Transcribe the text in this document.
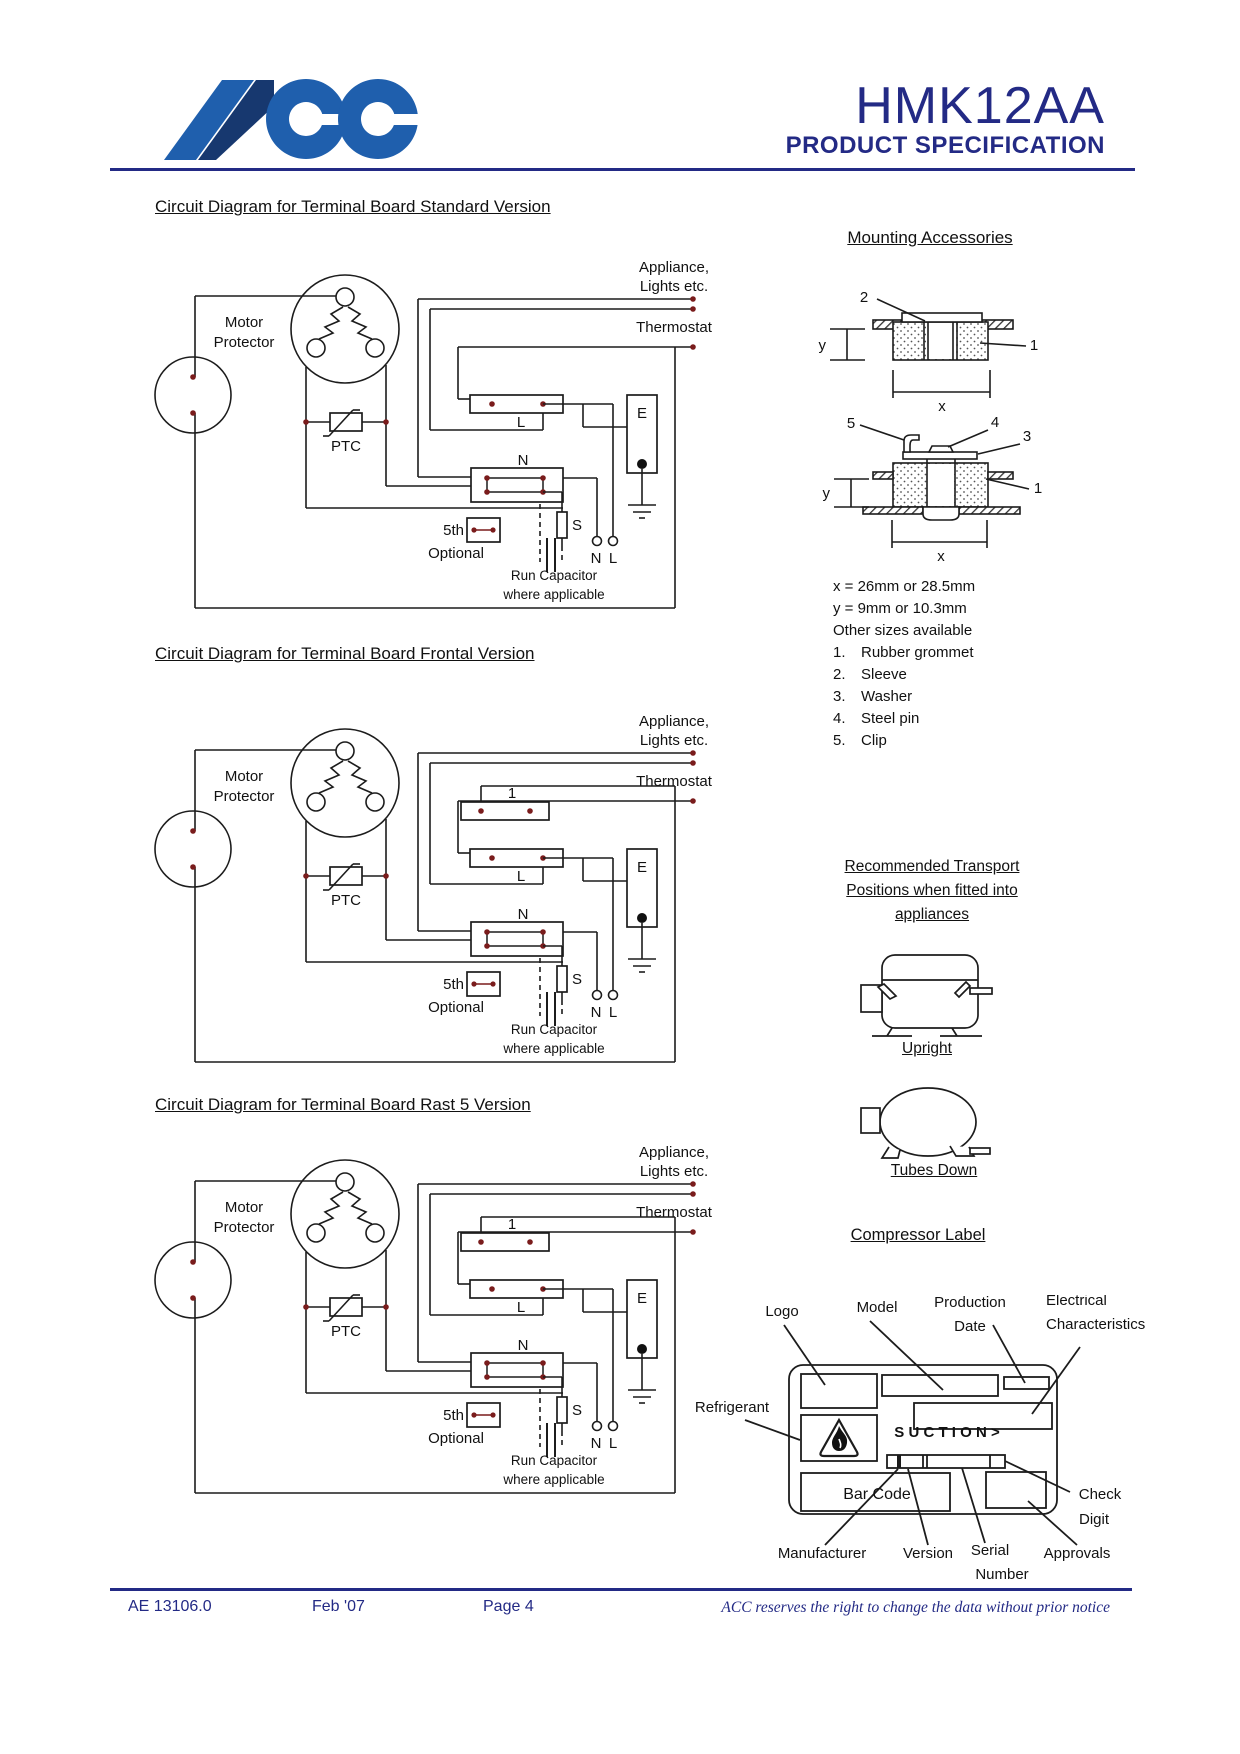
HMK12AA
PRODUCT SPECIFICATION
Circuit Diagram for Terminal Board Standard Version
Circuit Diagram for Terminal Board Frontal Version
Circuit Diagram for Terminal Board Rast 5 Version
Motor
Protector
PTC
Appliance,
Lights etc.
Thermostat
L
N
S
Run Capacitor
where applicable
5th
Optional	N L
E
Motor
Protector
PTC
Appliance,
Lights etc.
Thermostat
1
L
N
S
Run Capacitor
where applicable
5th
Optional	N L
E
Motor
Protector
PTC
Appliance,
Lights etc.
Thermostat
1
L
N
S
Run Capacitor
where applicable
5th
Optional	N L
E
Mounting Accessories
y
x
2
1
y
x
5	4
3
1
x = 26mm or 28.5mm
y = 9mm or 10.3mm
Other sizes available
1.	Rubber grommet
2.	Sleeve
3.	Washer
4.	Steel pin
5.	Clip
Recommended Transport
Positions when fitted into
appliances
Upright
Tubes Down
Compressor Label
S U C T I O N >
Bar Code
Logo	Model Production
Date
Electrical
Characteristics
Refrigerant
Check
Digit
Manufacturer Version Serial
Number
Approvals
AE 13106.0	Feb '07	Page 4	ACC reserves the right to change the data without prior notice
